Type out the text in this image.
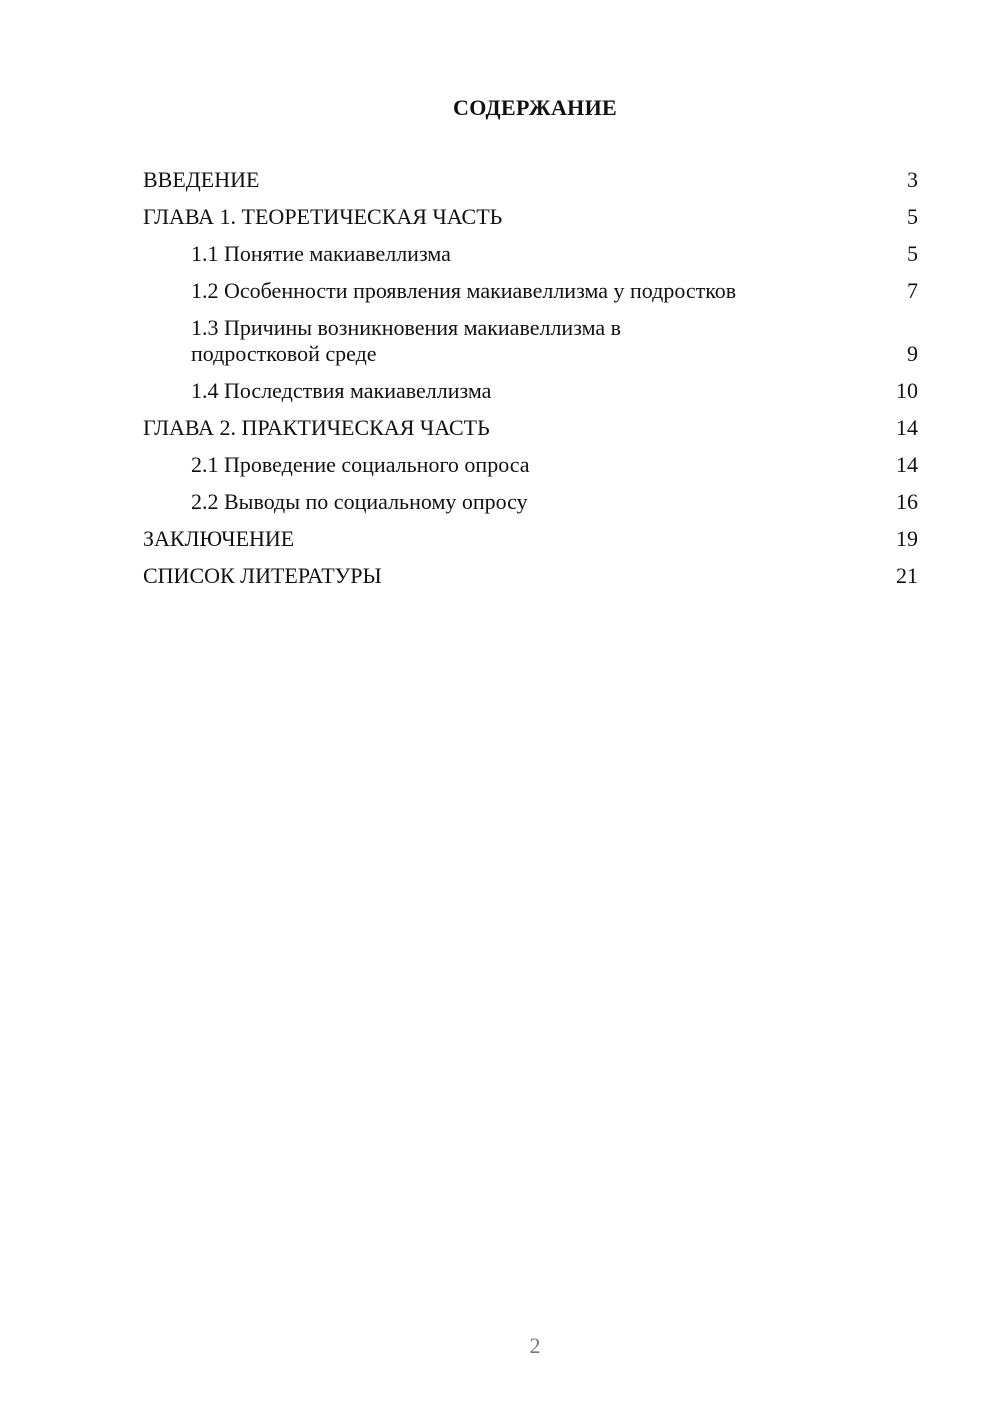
СОДЕРЖАНИЕ
ВВЕДЕНИЕ	3
ГЛАВА 1. ТЕОРЕТИЧЕСКАЯ ЧАСТЬ	5
1.1 Понятие макиавеллизма	5
1.2 Особенности проявления макиавеллизма у подростков	7
1.3 Причины возникновения макиавеллизма в подростковой среде	9
1.4 Последствия макиавеллизма	10
ГЛАВА 2. ПРАКТИЧЕСКАЯ ЧАСТЬ	14
2.1 Проведение социального опроса	14
2.2 Выводы по социальному опросу	16
ЗАКЛЮЧЕНИЕ	19
СПИСОК ЛИТЕРАТУРЫ	21
2
